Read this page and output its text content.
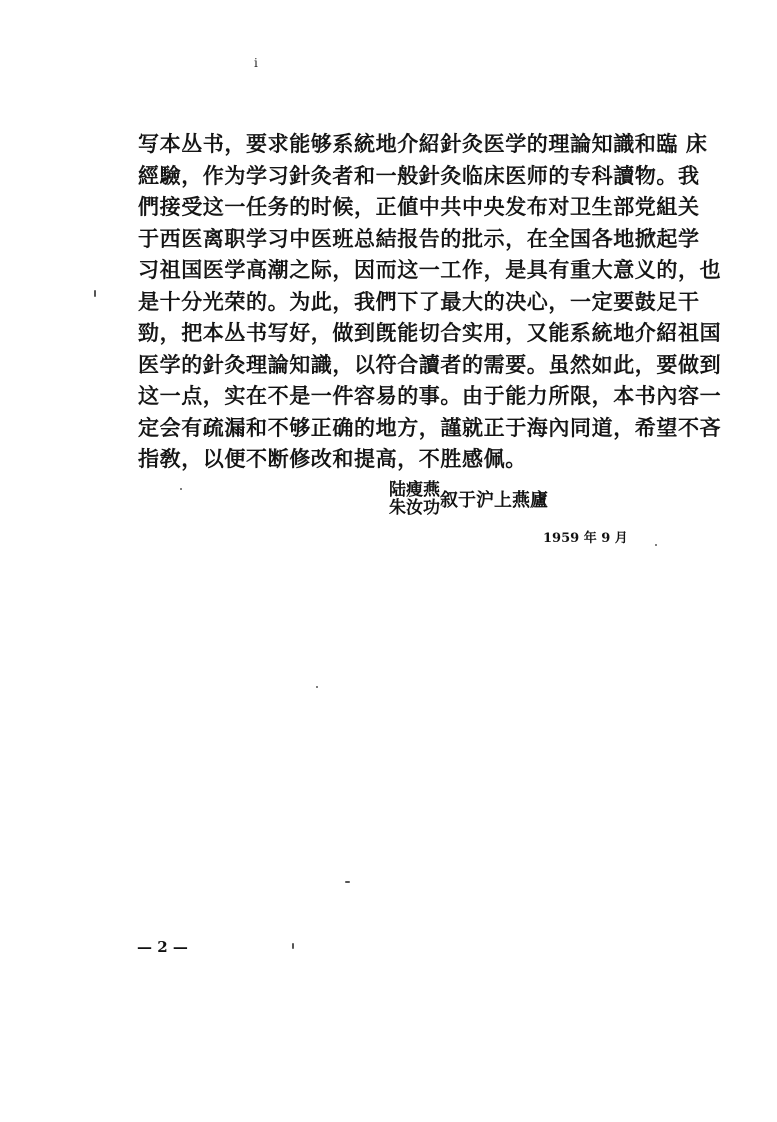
ⅰ
写本丛书，要求能够系統地介紹針灸医学的理論知識和臨 床
經驗，作为学习針灸者和一般針灸临床医师的专科讀物。我
們接受这一任务的时候，正値中共中央发布对卫生部党組关
于西医离职学习中医班总結报告的批示，在全国各地掀起学
习祖国医学高潮之际，因而这一工作，是具有重大意义的，也
是十分光荣的。为此，我們下了最大的决心，一定要鼓足干
勁，把本丛书写好，做到旣能切合实用，又能系統地介紹祖国
医学的針灸理論知識，以符合讀者的需要。虽然如此，要做到
这一点，实在不是一件容易的事。由于能力所限，本书內容一
定会有疏漏和不够正确的地方，謹就正于海內同道，希望不吝
指敎，以便不断修改和提高，不胜感佩。
陆瘦燕
朱汝功 叙于沪上燕廬
1959 年 9 月
— 2 —
